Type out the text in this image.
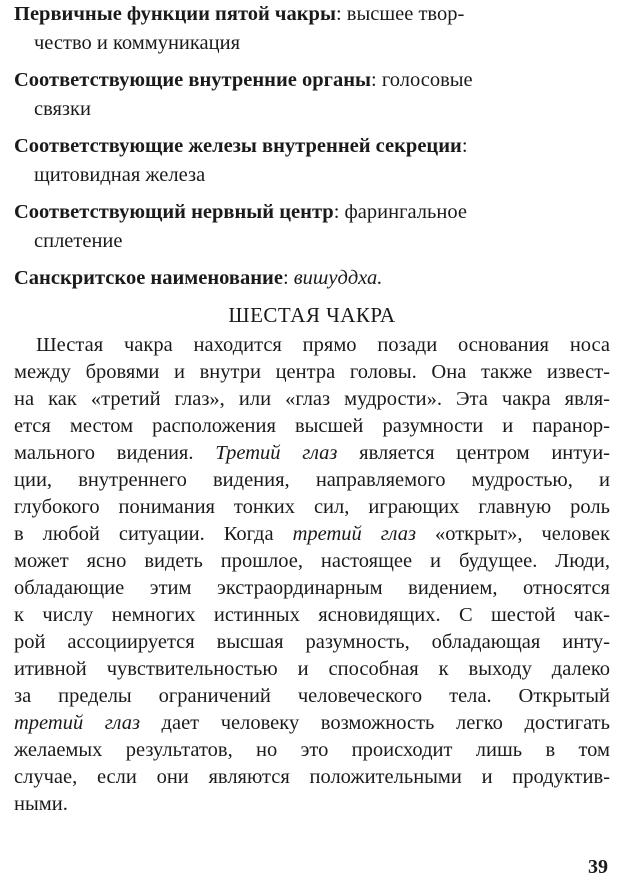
Первичные функции пятой чакры: высшее твор-
чество и коммуникация
Соответствующие внутренние органы: голосовые
связки
Соответствующие железы внутренней секреции:
щитовидная железа
Соответствующий нервный центр: фарингальное
сплетение
Санскритское наименование: вишуддха.
ШЕСТАЯ ЧАКРА
Шестая чакра находится прямо позади основания носа
между бровями и внутри центра головы. Она также извест-
на как «третий глаз», или «глаз мудрости». Эта чакра явля-
ется местом расположения высшей разумности и паранор-
мального видения. Третий глаз является центром интуи-
ции, внутреннего видения, направляемого мудростью, и
глубокого понимания тонких сил, играющих главную роль
в любой ситуации. Когда третий глаз «открыт», человек
может ясно видеть прошлое, настоящее и будущее. Люди,
обладающие этим экстраординарным видением, относятся
к числу немногих истинных ясновидящих. С шестой чак-
рой ассоциируется высшая разумность, обладающая инту-
итивной чувствительностью и способная к выходу далеко
за пределы ограничений человеческого тела. Открытый
третий глаз дает человеку возможность легко достигать
желаемых результатов, но это происходит лишь в том
случае, если они являются положительными и продуктив-
ными.
39
